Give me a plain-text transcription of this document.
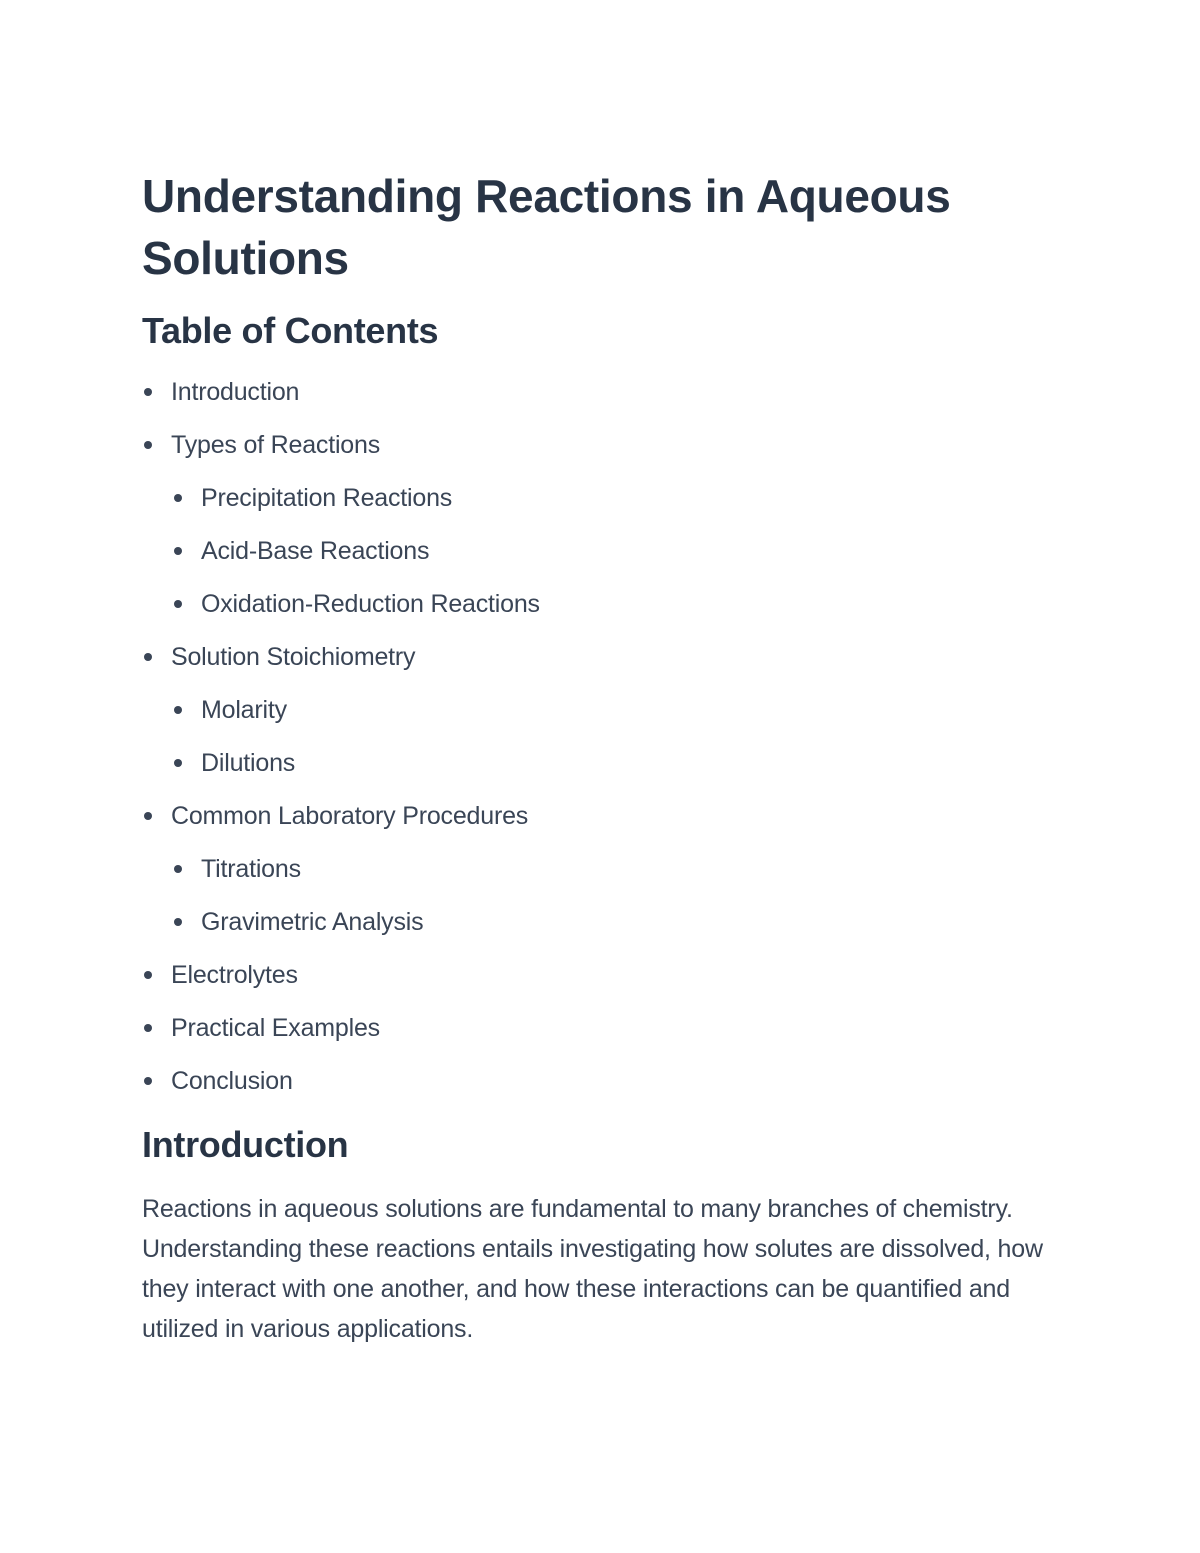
Understanding Reactions in Aqueous Solutions
Table of Contents
Introduction
Types of Reactions
Precipitation Reactions
Acid-Base Reactions
Oxidation-Reduction Reactions
Solution Stoichiometry
Molarity
Dilutions
Common Laboratory Procedures
Titrations
Gravimetric Analysis
Electrolytes
Practical Examples
Conclusion
Introduction

Reactions in aqueous solutions are fundamental to many branches of chemistry. Understanding these reactions entails investigating how solutes are dissolved, how they interact with one another, and how these interactions can be quantified and utilized in various applications.
